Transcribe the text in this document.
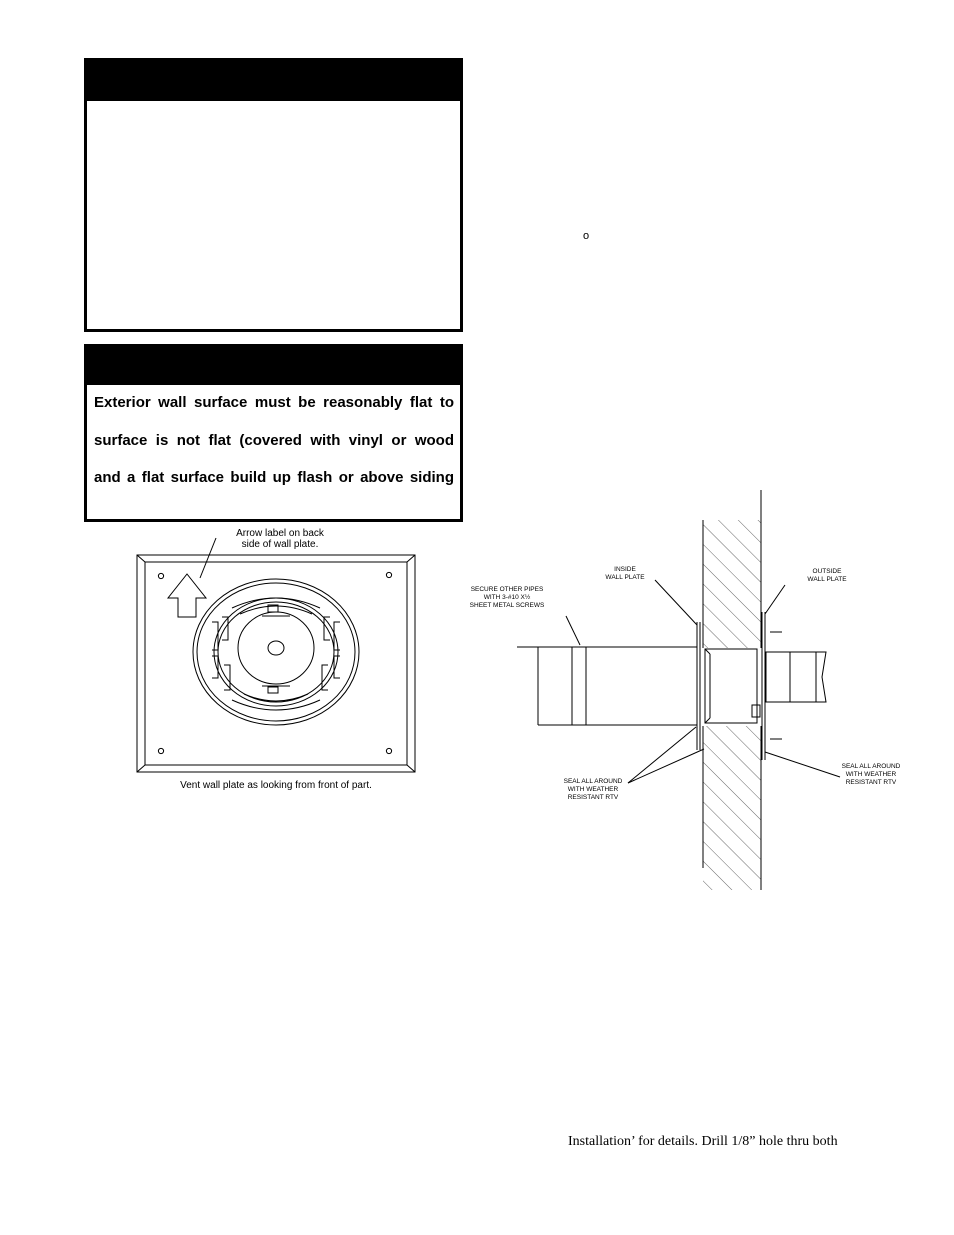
Exterior wall surface must be reasonably flat to
surface is not flat (covered with vinyl or wood
and a flat surface build up flash or above siding

o
Arrow label on back
side of wall plate.
Vent wall plate as looking from front of part.
INSIDE
WALL PLATE
OUTSIDE
WALL PLATE
SECURE OTHER PIPES
WITH 3-#10 X½
SHEET METAL SCREWS
SEAL ALL AROUND
WITH WEATHER
RESISTANT RTV
SEAL ALL AROUND
WITH WEATHER
RESISTANT RTV
Installation’ for details. Drill 1/8” hole thru both
